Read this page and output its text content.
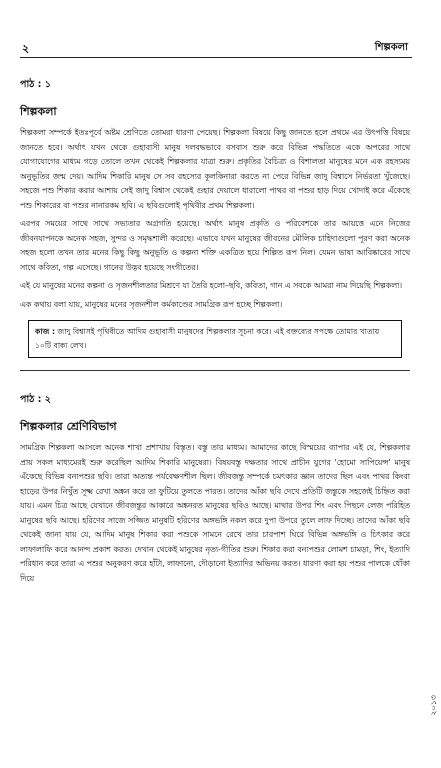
২	শিল্পকলা
পাঠ : ১
শিল্পকলা

শিল্পকলা সম্পর্কে ইতঃপূর্বে অষ্টম শ্রেণিতে তোমরা ধারণা পেয়েছ। শিল্পকলা বিষয়ে কিছু জানতে হলে প্রথমে এর উৎপত্তি বিষয়ে জানতে হবে। অর্থাৎ যখন থেকে গুহাবাসী মানুষ দলবদ্ধভাবে বসবাস শুরু করে বিভিন্ন পদ্ধতিতে একে অপরের সাথে যোগাযোগের মাধ্যম গড়ে তোলে তখন থেকেই শিল্পকলার যাত্রা শুরু। প্রকৃতির বৈচিত্র্য ও বিশালতা মানুষের মনে এক রহস্যময় অনুভূতির জন্ম দেয়। আদিম শিকারি মানুষ সে সব রহস্যের কূলকিনারা করতে না পেরে বিভিন্ন জাদু বিশ্বাসে নির্ভরতা খুঁজেছে। সহজে পশু শিকার করার আশায় সেই জাদু বিশ্বাস থেকেই গুহার দেয়ালে ধারালো পাথর বা পশুর হাড় দিয়ে খোদাই করে এঁকেছে পশু শিকারের বা পশুর নানারকম ছবি। এ ছবিগুলোই পৃথিবীর প্রথম শিল্পকলা।

এরপর সময়ের সাথে সাথে সভ্যতার অগ্রগতি হয়েছে। অর্থাৎ মানুষ প্রকৃতি ও পরিবেশকে তার আয়ত্তে এনে নিজের জীবনযাপনকে অনেক সহজ, সুন্দর ও সমৃদ্ধশালী করেছে। এভাবে যখন মানুষের জীবনের মৌলিক চাহিদাগুলো পূরণ করা অনেক সহজ হলো তখন তার মনের কিছু কিছু অনুভূতি ও কল্পনা শক্তি একত্রিত হয়ে শিল্পিত রূপ নিল। যেমন ভাষা আবিষ্কারের সাথে সাথে কবিতা, গল্প এসেছে। গানের উদ্ভব হয়েছে সংগীতের।

এই যে মানুষের মনের কল্পনা ও সৃজনশীলতার মিশ্রণে যা তৈরি হলো–ছবি, কবিতা, গান এ সবকে আমরা নাম দিয়েছি শিল্পকলা।

এক কথায় বলা যায়, মানুষের মনের সৃজনশীল কর্মকাণ্ডের সামগ্রিক রূপ হচ্ছে শিল্পকলা।

কাজ : জাদু বিশ্বাসই পৃথিবীতে আদিম গুহাবাসী মানুষদের শিল্পকলার সূচনা করে। এই বক্তব্যের সপক্ষে তোমার খাতায় ১০টি বাক্য লেখ।
পাঠ : ২
শিল্পকলার শ্রেণিবিভাগ

সামগ্রিক শিল্পকলা আসলে অনেক শাখা প্রশাখায় বিস্তৃত। বস্তু তার মাধ্যম। আমাদের কাছে বিস্ময়ের ব্যাপার এই যে, শিল্পকলার প্রায় সকল মাধ্যমেরই শুরু করেছিল আদিম শিকারি মানুষেরা। বিষয়বস্তু দক্ষতার সাথে প্রাচীন যুগের 'হোমো সাপিয়েন্স' মানুষ এঁকেছে বিভিন্ন বন্যপশুর ছবি। তারা অত্যন্ত পর্যবেক্ষণশীল ছিল। জীবজন্তু সম্পর্কে চমৎকার জ্ঞান তাদের ছিল এবং পাথর কিংবা হাড়ের উপর নিখুঁত সূক্ষ্ম রেখা অঙ্কন করে তা ফুটিয়ে তুলতে পারত। তাদের আঁকা ছবি দেখে প্রতিটি জন্তুকে সহজেই চিহ্নিত করা যায়। এমন চিত্র আছে যেখানে জীবজন্তুর আকারে অঙ্কনরত মানুষের ছবিও আছে। মাথার উপর শিং এবং পিছনে লেজ পরিহিত মানুষের ছবি আছে। হরিণের সাজে সজ্জিত মানুষটি হরিণের অঙ্গভঙ্গি নকল করে দুপা উপরে তুলে লাফ দিচ্ছে। তাদের আঁকা ছবি থেকেই জানা যায় যে, আদিম মানুষ শিকার করা পশুকে সামনে রেখে তার চারপাশ ঘিরে বিভিন্ন অঙ্গভঙ্গি ও চিৎকার করে লাফালাফি করে আনন্দ প্রকাশ করত। দেখান থেকেই মানুষের নৃত্য-গীতির শুরু। শিকার করা বন্যপশুর লোমশ চামড়া, শিং, ইত্যাদি পরিধান করে তারা এ পশুর অনুকরণ করে হাঁটা, লাফানো, দৌড়ানো ইত্যাদির অভিনয় করত। ধারণা করা হয় পশুর পালকে ধোঁকা দিয়ে

২০১৩
